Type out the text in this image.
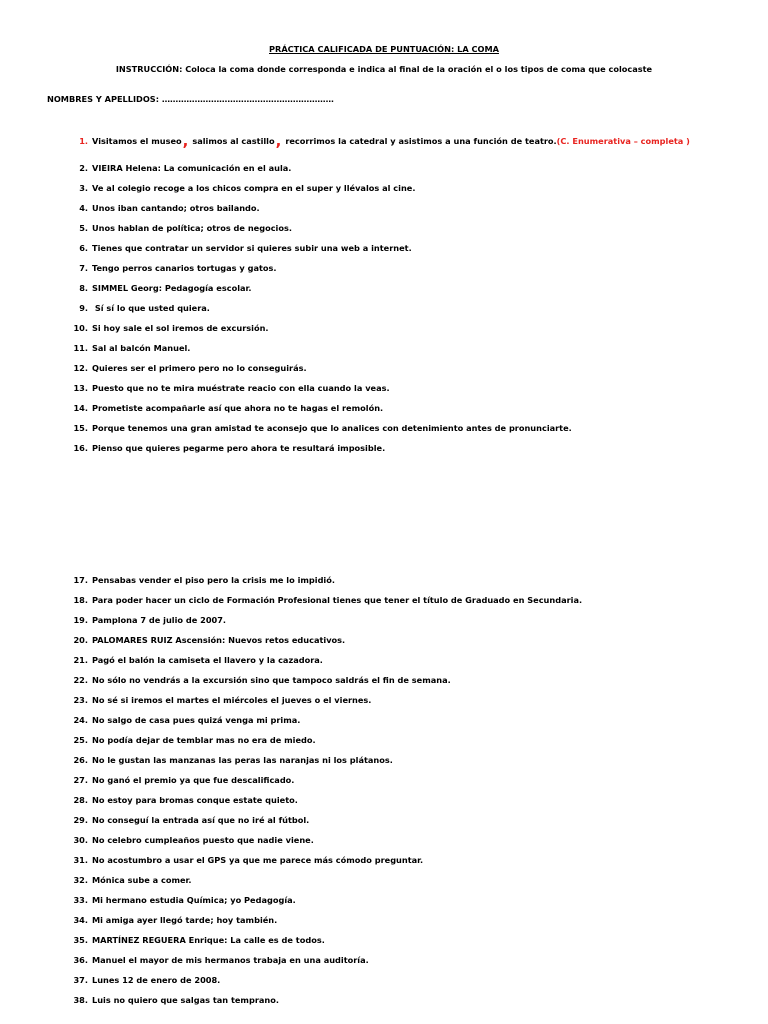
PRÁCTICA CALIFICADA DE PUNTUACIÓN: LA COMA
INSTRUCCIÓN: Coloca la coma donde corresponda e indica al final de la oración el o los tipos de coma que colocaste
NOMBRES Y APELLIDOS: ………………………………………………………
1. Visitamos el museo, salimos al castillo, recorrimos la catedral y asistimos a una función de teatro.(C. Enumerativa – completa )
2. VIEIRA Helena: La comunicación en el aula.
3. Ve al colegio recoge a los chicos compra en el super y llévalos al cine.
4. Unos iban cantando; otros bailando.
5. Unos hablan de política; otros de negocios.
6. Tienes que contratar un servidor si quieres subir una web a internet.
7. Tengo perros canarios tortugas y gatos.
8. SIMMEL Georg: Pedagogía escolar.
9. Sí sí lo que usted quiera.
10. Si hoy sale el sol iremos de excursión.
11. Sal al balcón Manuel.
12. Quieres ser el primero pero no lo conseguirás.
13. Puesto que no te mira muéstrate reacio con ella cuando la veas.
14. Prometiste acompañarle así que ahora no te hagas el remolón.
15. Porque tenemos una gran amistad te aconsejo que lo analices con detenimiento antes de pronunciarte.
16. Pienso que quieres pegarme pero ahora te resultará imposible.
17. Pensabas vender el piso pero la crisis me lo impidió.
18. Para poder hacer un ciclo de Formación Profesional tienes que tener el título de Graduado en Secundaria.
19. Pamplona 7 de julio de 2007.
20. PALOMARES RUIZ Ascensión: Nuevos retos educativos.
21. Pagó el balón la camiseta el llavero y la cazadora.
22. No sólo no vendrás a la excursión sino que tampoco saldrás el fin de semana.
23. No sé si iremos el martes el miércoles el jueves o el viernes.
24. No salgo de casa pues quizá venga mi prima.
25. No podía dejar de temblar mas no era de miedo.
26. No le gustan las manzanas las peras las naranjas ni los plátanos.
27. No ganó el premio ya que fue descalificado.
28. No estoy para bromas conque estate quieto.
29. No conseguí la entrada así que no iré al fútbol.
30. No celebro cumpleaños puesto que nadie viene.
31. No acostumbro a usar el GPS ya que me parece más cómodo preguntar.
32. Mónica sube a comer.
33. Mi hermano estudia Química; yo Pedagogía.
34. Mi amiga ayer llegó tarde; hoy también.
35. MARTÍNEZ REGUERA Enrique: La calle es de todos.
36. Manuel el mayor de mis hermanos trabaja en una auditoría.
37. Lunes 12 de enero de 2008.
38. Luis no quiero que salgas tan temprano.
